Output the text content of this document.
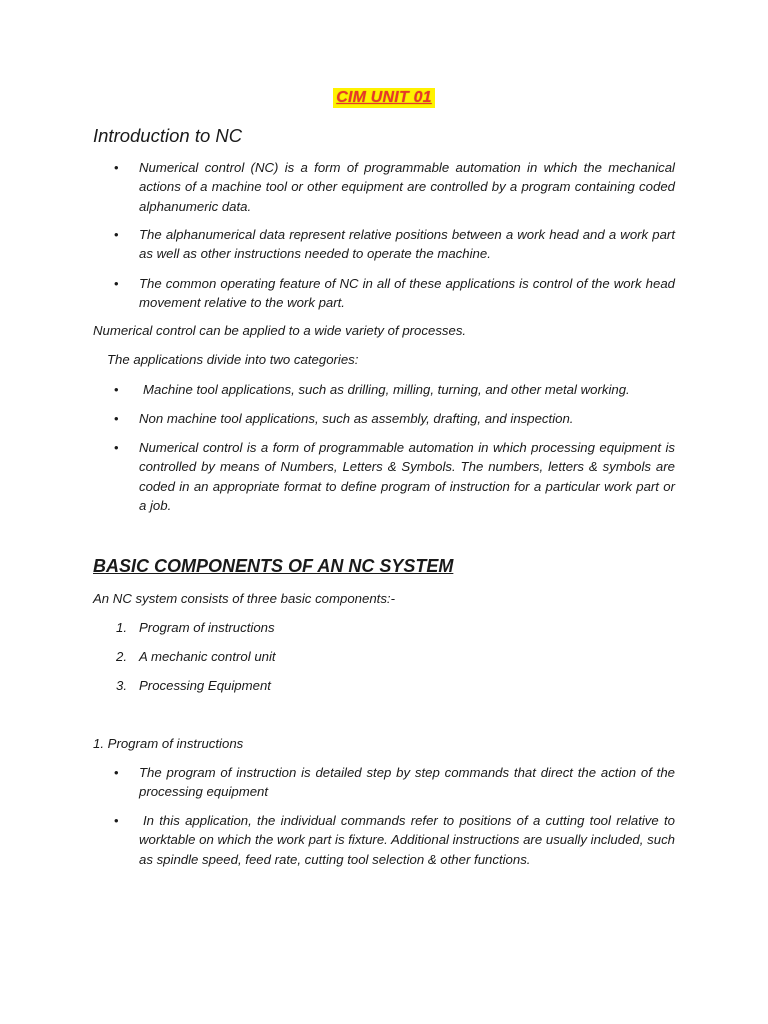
CIM UNIT 01
Introduction to NC
• Numerical control (NC) is a form of programmable automation in which the mechanical actions of a machine tool or other equipment are controlled by a program containing coded alphanumeric data.

• The alphanumerical data represent relative positions between a work head and a work part as well as other instructions needed to operate the machine.

• The common operating feature of NC in all of these applications is control of the work head movement relative to the work part.

Numerical control can be applied to a wide variety of processes.

The applications divide into two categories:

• Machine tool applications, such as drilling, milling, turning, and other metal working.

• Non machine tool applications, such as assembly, drafting, and inspection.

• Numerical control is a form of programmable automation in which processing equipment is controlled by means of Numbers, Letters & Symbols. The numbers, letters & symbols are coded in an appropriate format to define program of instruction for a particular work part or a job.

BASIC COMPONENTS OF AN NC SYSTEM

An NC system consists of three basic components:-

1. Program of instructions

2. A mechanic control unit

3. Processing Equipment

1. Program of instructions

• The program of instruction is detailed step by step commands that direct the action of the processing equipment

•	In this application, the individual commands refer to positions of a cutting tool relative to worktable on which the work part is fixture. Additional instructions are usually included, such as spindle speed, feed rate, cutting tool selection & other functions.
